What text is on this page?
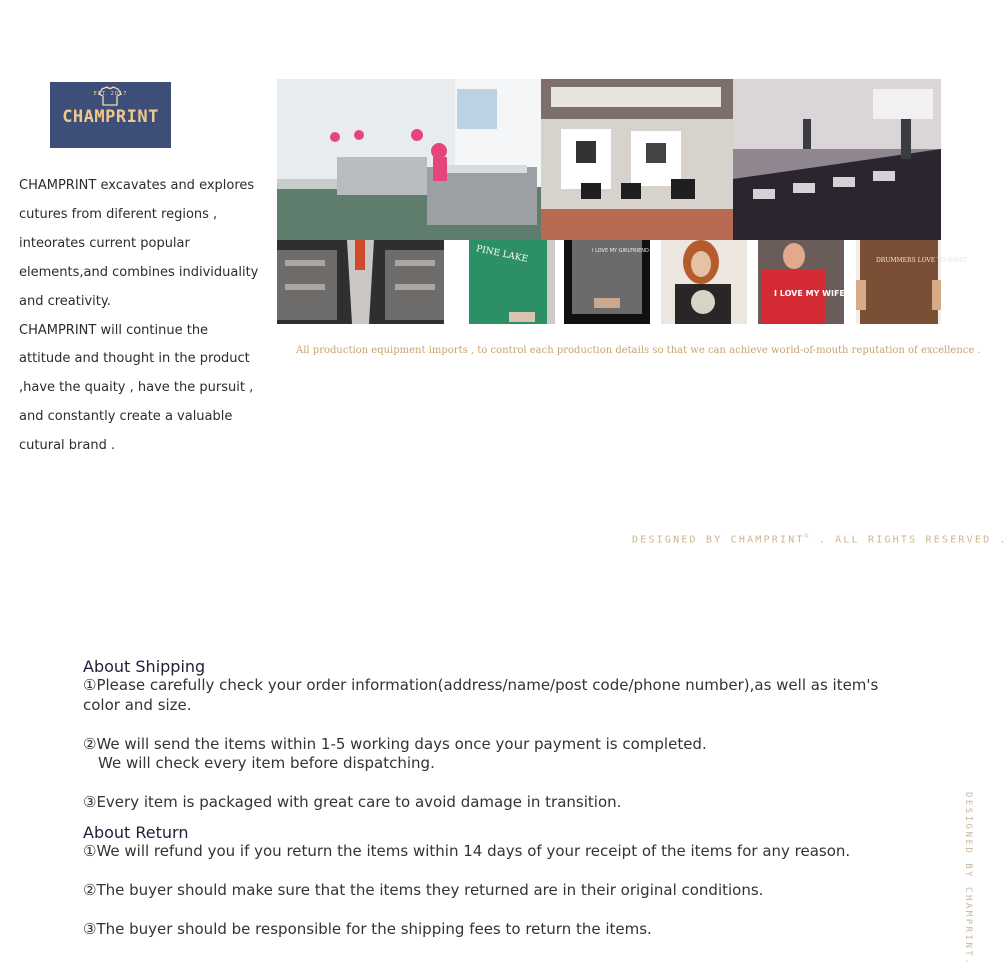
EST. 2017
CHAMPRINT

CHAMPRINT excavates and explores

cutures from diferent regions ,

inteorates current popular

elements,and combines individuality

and creativity.

CHAMPRINT will continue the

attitude and thought in the product

,have the quaity , have the pursuit ,

and constantly create a valuable

cutural brand .

PINE LAKE	I LOVE MY GIRLFRIEND
I LOVE MY WIFE
DRUMMERS LOVE TO BANG
All production equipment imports , to control each production details so that we can achieve world-of-mouth reputation of excellence .
DESIGNED BY CHAMPRINT® . ALL RIGHTS RESERVED .
DESIGNED BY CHAMPRINT.
About Shipping
①Please carefully check your order information(address/name/post code/phone number),as well as item's
color and size.
②We will send the items within 1-5 working days once your payment is completed.
We will check every item before dispatching.
③Every item is packaged with great care to avoid damage in transition.
About Return
①We will refund you if you return the items within 14 days of your receipt of the items for any reason.
②The buyer should make sure that the items they returned are in their original conditions.
③The buyer should be responsible for the shipping fees to return the items.
